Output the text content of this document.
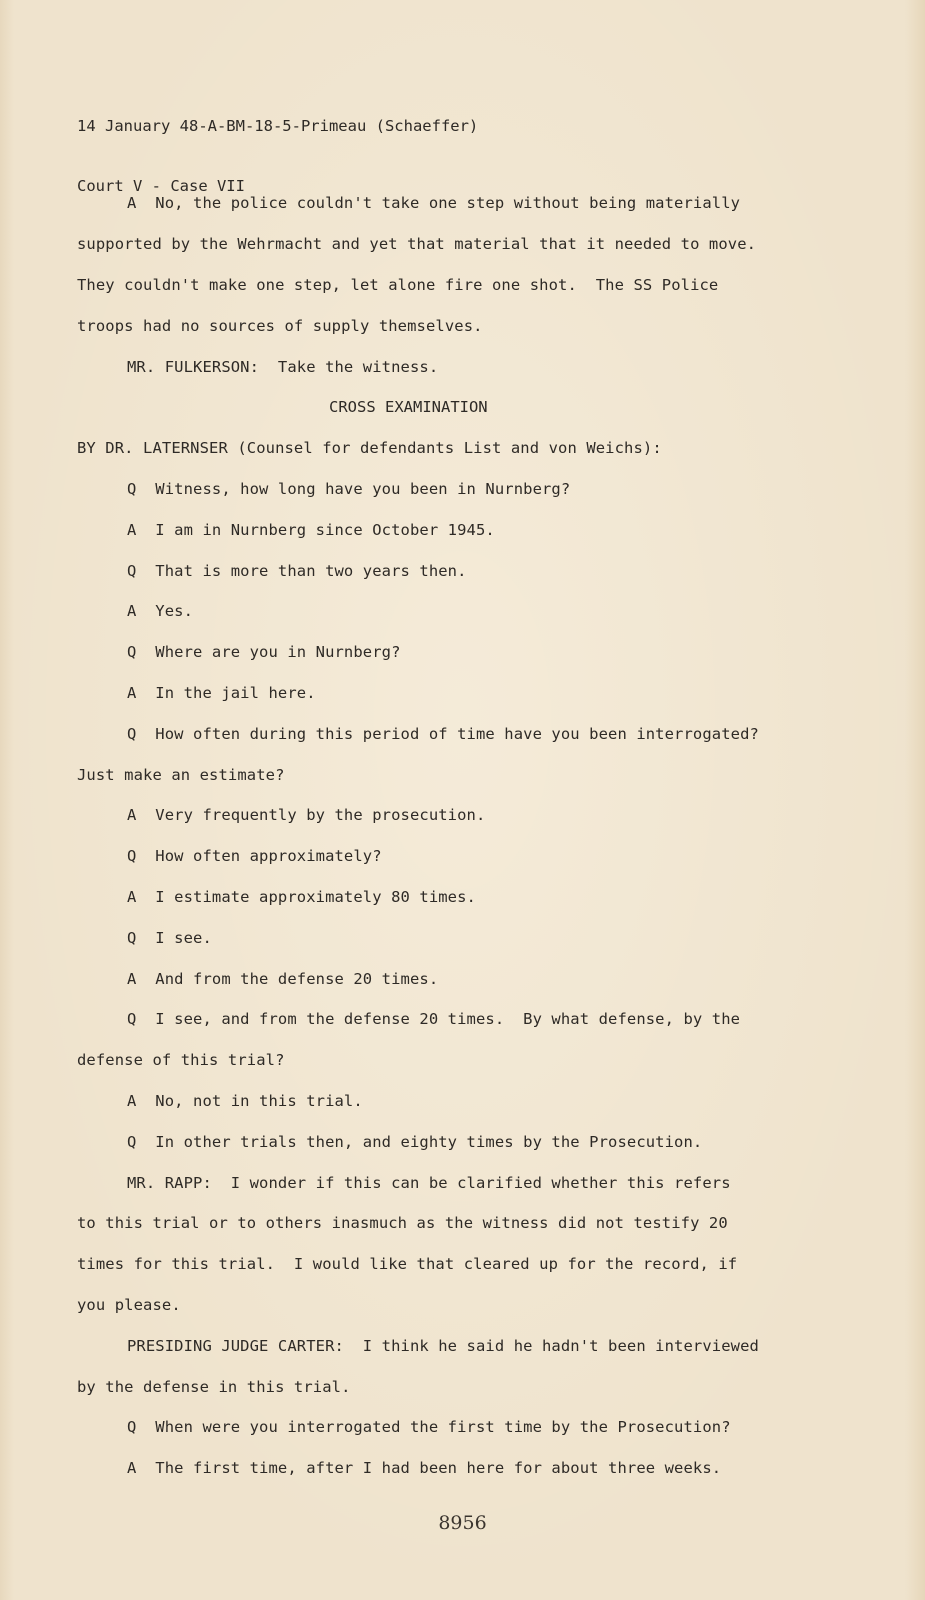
14 January 48-A-BM-18-5-Primeau (Schaeffer)

Court V - Case VII

A  No, the police couldn't take one step without being materially
supported by the Wehrmacht and yet that material that it needed to move.
They couldn't make one step, let alone fire one shot.  The SS Police
troops had no sources of supply themselves.
MR. FULKERSON:  Take the witness.
CROSS EXAMINATION
BY DR. LATERNSER (Counsel for defendants List and von Weichs):
Q  Witness, how long have you been in Nurnberg?
A  I am in Nurnberg since October 1945.
Q  That is more than two years then.
A  Yes.
Q  Where are you in Nurnberg?
A  In the jail here.
Q  How often during this period of time have you been interrogated?
Just make an estimate?
A  Very frequently by the prosecution.
Q  How often approximately?
A  I estimate approximately 80 times.
Q  I see.
A  And from the defense 20 times.
Q  I see, and from the defense 20 times.  By what defense, by the
defense of this trial?
A  No, not in this trial.
Q  In other trials then, and eighty times by the Prosecution.
MR. RAPP:  I wonder if this can be clarified whether this refers
to this trial or to others inasmuch as the witness did not testify 20
times for this trial.  I would like that cleared up for the record, if
you please.
PRESIDING JUDGE CARTER:  I think he said he hadn't been interviewed
by the defense in this trial.
Q  When were you interrogated the first time by the Prosecution?
A  The first time, after I had been here for about three weeks.
8956
